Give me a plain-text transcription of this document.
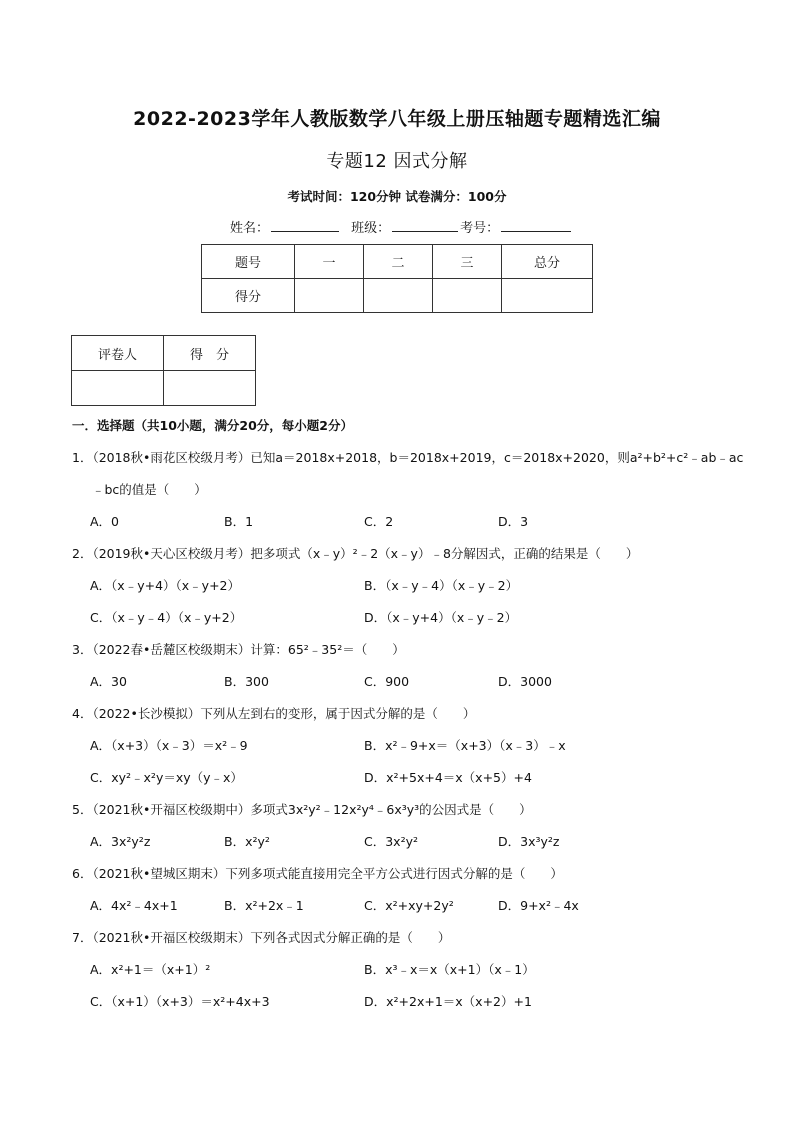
2022-2023学年人教版数学八年级上册压轴题专题精选汇编
专题12 因式分解
考试时间：120分钟 试卷满分：100分
姓名：	班级：	考号：
题号	一	二	三	总分
得分				
评卷人	得　分

一．选择题（共10小题，满分20分，每小题2分）
1．（2018秋•雨花区校级月考）已知a＝2018x+2018，b＝2018x+2019，c＝2018x+2020，则a²+b²+c²﹣ab﹣ac
﹣bc的值是（　　）
A．0	B．1	C．2	D．3
2．（2019秋•天心区校级月考）把多项式（x﹣y）²﹣2（x﹣y）﹣8分解因式，正确的结果是（　　）
A．（x﹣y+4）（x﹣y+2）	B．（x﹣y﹣4）（x﹣y﹣2）
C．（x﹣y﹣4）（x﹣y+2）	D．（x﹣y+4）（x﹣y﹣2）
3．（2022春•岳麓区校级期末）计算：65²﹣35²＝（　　）
A．30	B．300	C．900	D．3000
4．（2022•长沙模拟）下列从左到右的变形，属于因式分解的是（　　）
A．（x+3）（x﹣3）＝x²﹣9	B．x²﹣9+x＝（x+3）（x﹣3）﹣x
C．xy²﹣x²y＝xy（y﹣x）	D．x²+5x+4＝x（x+5）+4
5．（2021秋•开福区校级期中）多项式3x²y²﹣12x²y⁴﹣6x³y³的公因式是（　　）
A．3x²y²z	B．x²y²	C．3x²y²	D．3x³y²z
6．（2021秋•望城区期末）下列多项式能直接用完全平方公式进行因式分解的是（　　）
A．4x²﹣4x+1	B．x²+2x﹣1	C．x²+xy+2y²	D．9+x²﹣4x
7．（2021秋•开福区校级期末）下列各式因式分解正确的是（　　）
A．x²+1＝（x+1）²	B．x³﹣x＝x（x+1）（x﹣1）
C．（x+1）（x+3）＝x²+4x+3	D．x²+2x+1＝x（x+2）+1
